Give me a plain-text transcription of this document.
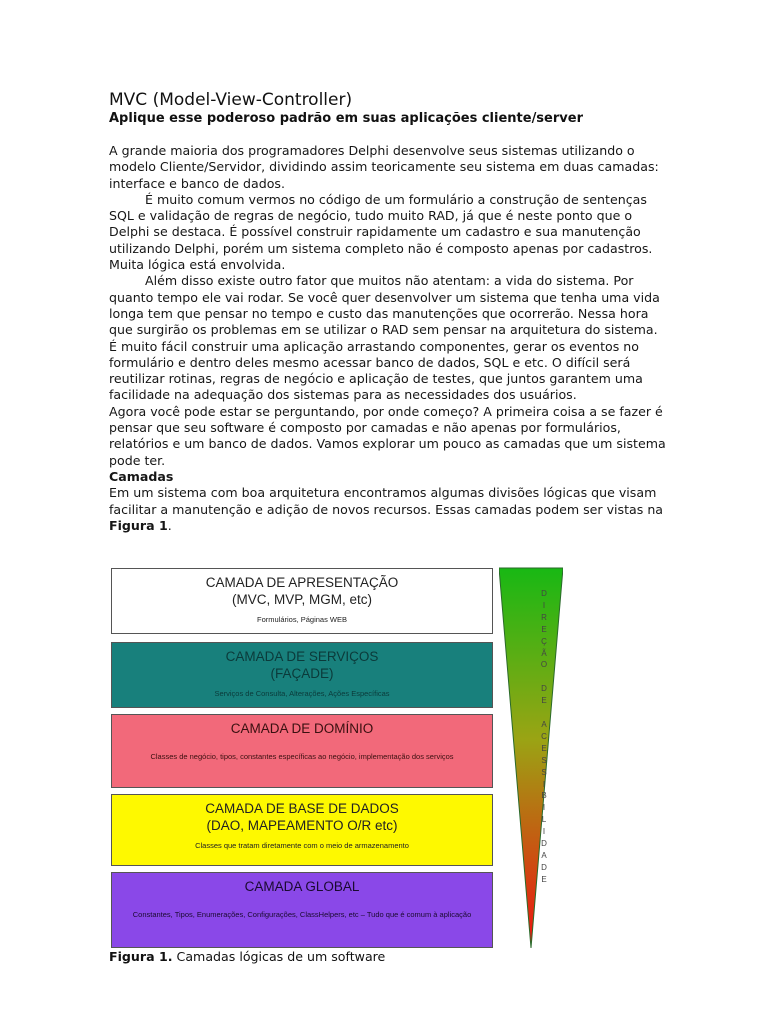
MVC (Model-View-Controller)
Aplique esse poderoso padrão em suas aplicações cliente/server

A grande maioria dos programadores Delphi desenvolve seus sistemas utilizando o modelo Cliente/Servidor, dividindo assim teoricamente seu sistema em duas camadas: interface e banco de dados.

É muito comum vermos no código de um formulário a construção de sentenças SQL e validação de regras de negócio, tudo muito RAD, já que é neste ponto que o Delphi se destaca. É possível construir rapidamente um cadastro e sua manutenção utilizando Delphi, porém um sistema completo não é composto apenas por cadastros. Muita lógica está envolvida.

Além disso existe outro fator que muitos não atentam: a vida do sistema. Por quanto tempo ele vai rodar. Se você quer desenvolver um sistema que tenha uma vida longa tem que pensar no tempo e custo das manutenções que ocorrerão. Nessa hora que surgirão os problemas em se utilizar o RAD sem pensar na arquitetura do sistema. É muito fácil construir uma aplicação arrastando componentes, gerar os eventos no formulário e dentro deles mesmo acessar banco de dados, SQL e etc. O difícil será reutilizar rotinas, regras de negócio e aplicação de testes, que juntos garantem uma facilidade na adequação dos sistemas para as necessidades dos usuários.

Agora você pode estar se perguntando, por onde começo? A primeira coisa a se fazer é pensar que seu software é composto por camadas e não apenas por formulários, relatórios e um banco de dados. Vamos explorar um pouco as camadas que um sistema pode ter.

Camadas

Em um sistema com boa arquitetura encontramos algumas divisões lógicas que visam facilitar a manutenção e adição de novos recursos. Essas camadas podem ser vistas na Figura 1.

CAMADA DE APRESENTAÇÃO
(MVC, MVP, MGM, etc)
Formulários, Páginas WEB
CAMADA DE SERVIÇOS
(FAÇADE)
Serviços de Consulta, Alterações, Ações Específicas
CAMADA DE DOMÍNIO
Classes de negócio, tipos, constantes específicas ao negócio, implementação dos serviços
CAMADA DE BASE DE DADOS
(DAO, MAPEAMENTO O/R etc)
Classes que tratam diretamente com o meio de armazenamento
CAMADA GLOBAL
Constantes, Tipos, Enumerações, Configurações, ClassHelpers, etc – Tudo que é comum à aplicação
D
I
R
E
Ç
Ã
O

D
E

A
C
E
S
S
I
B
I
L
I
D
A
D
E
Figura 1. Camadas lógicas de um software
